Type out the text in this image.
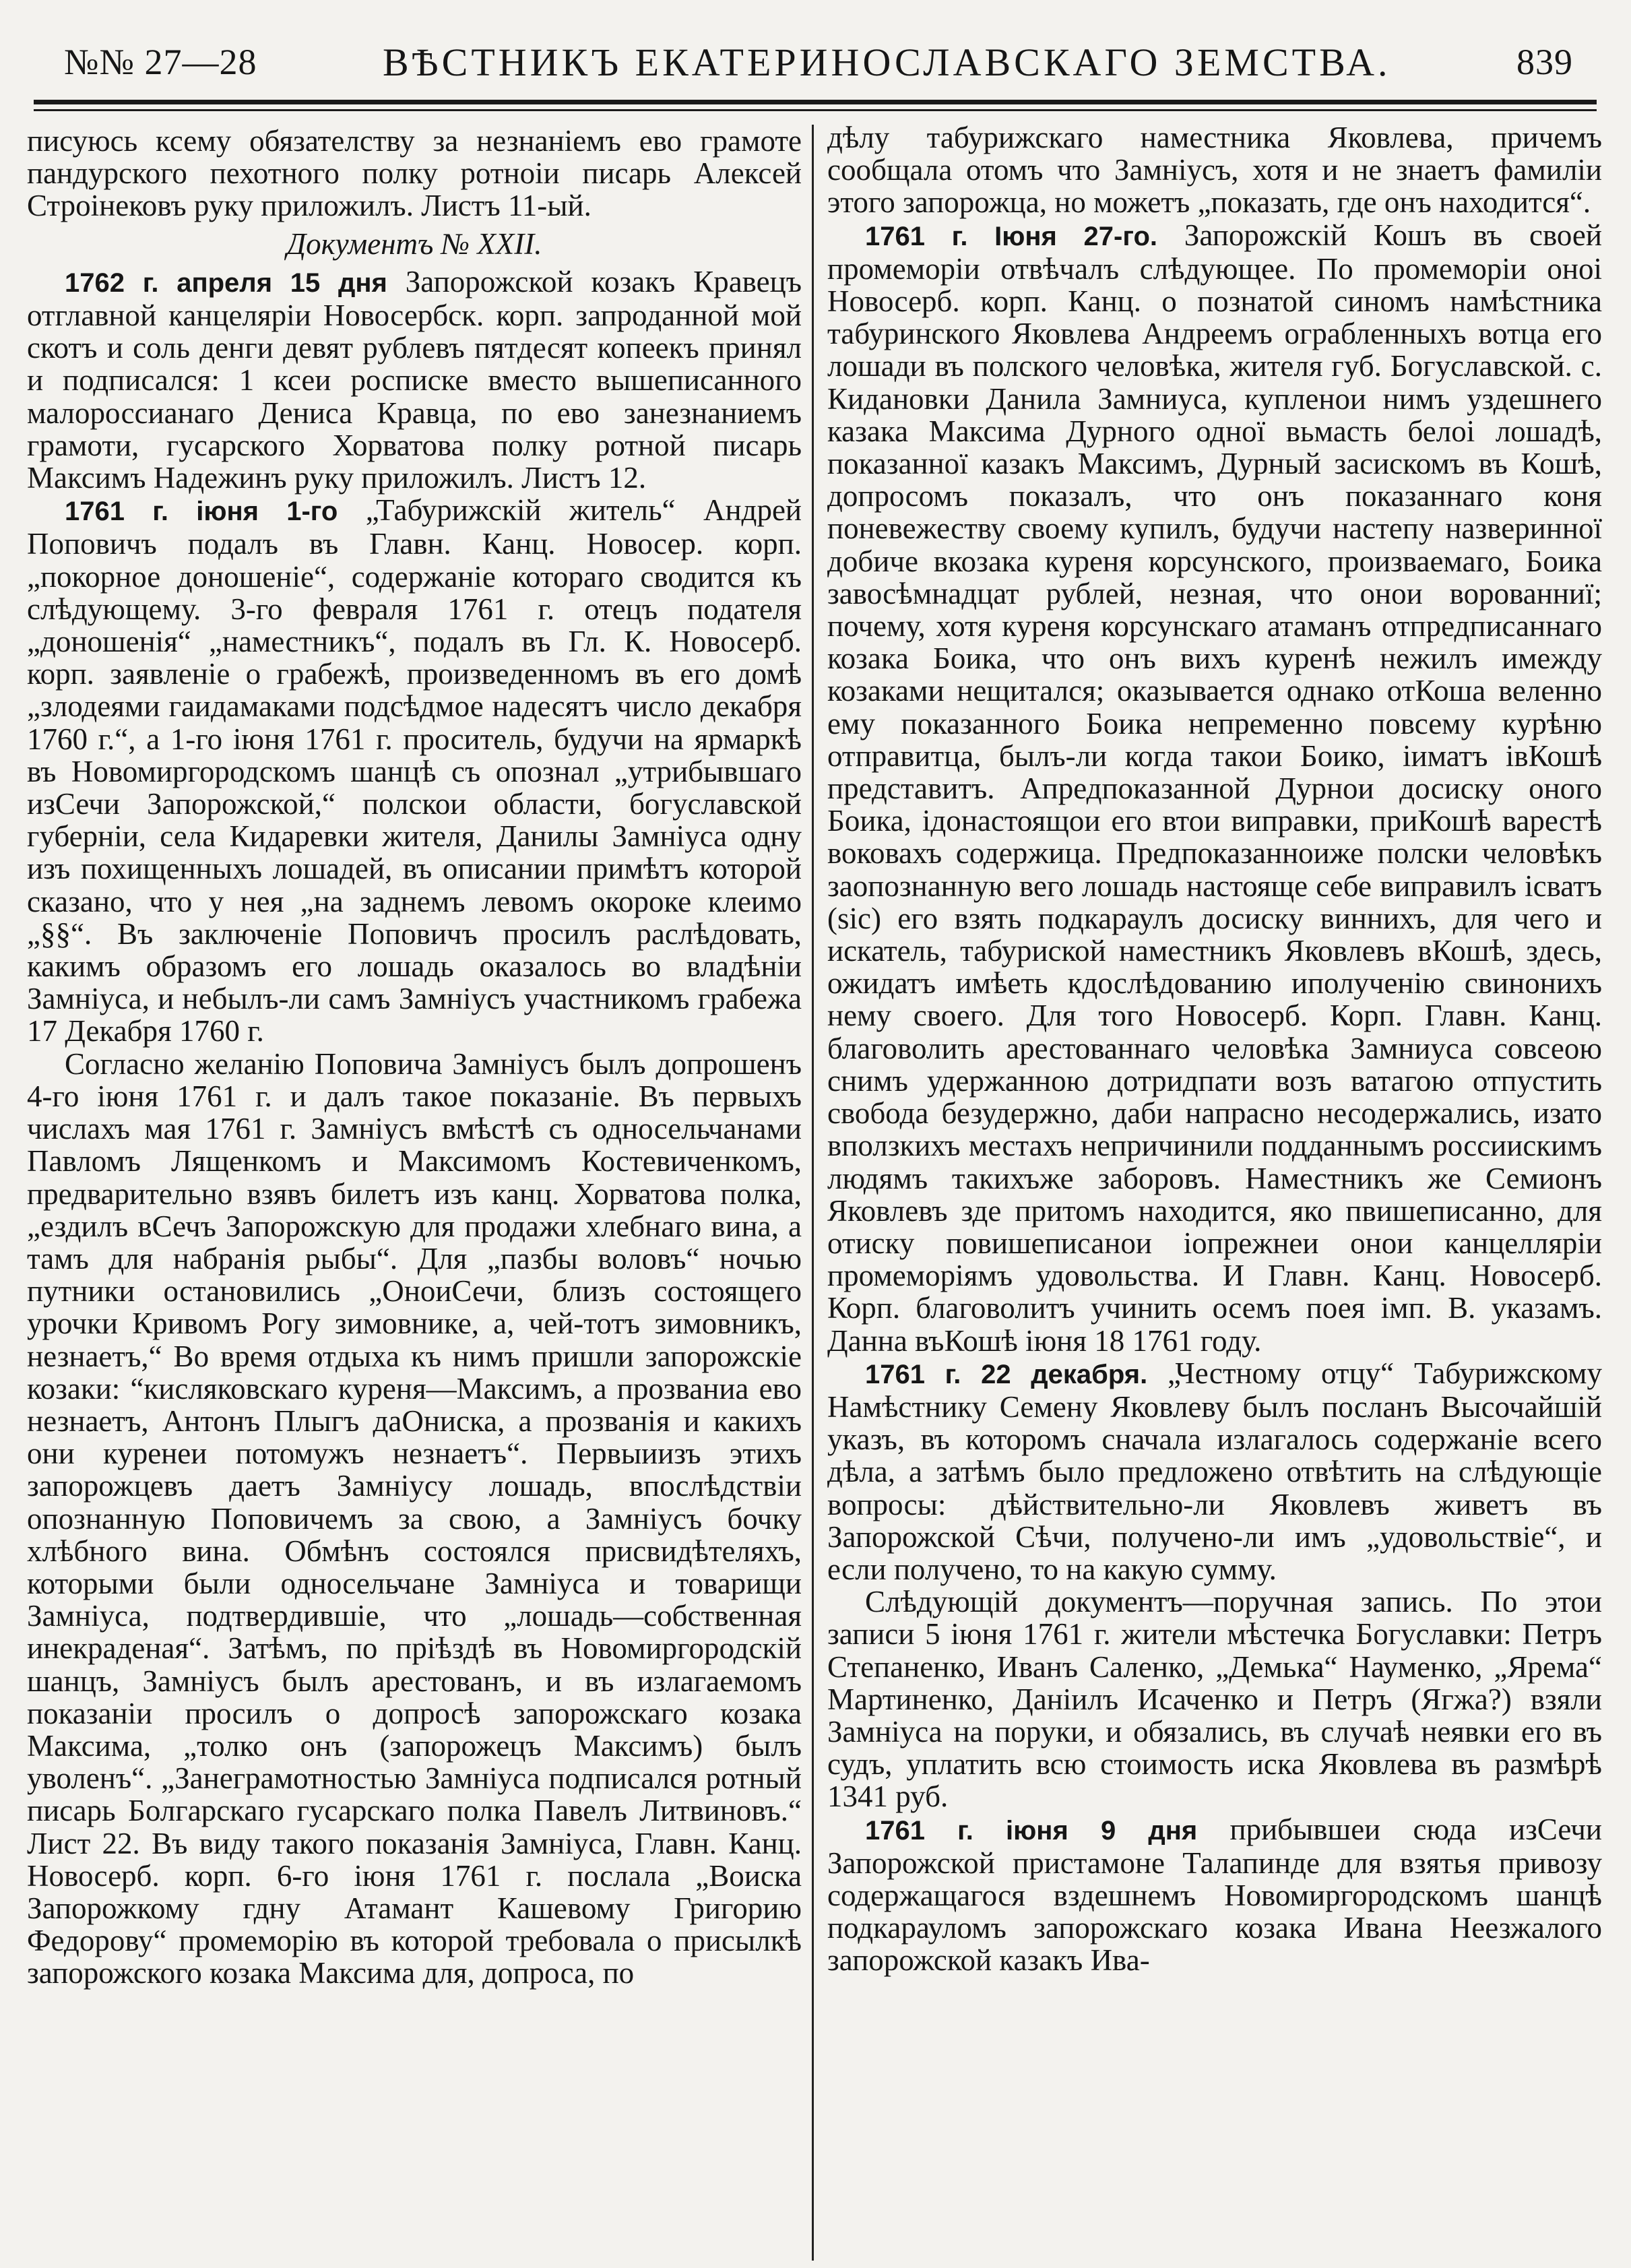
№№ 27—28	ВѢСТНИКЪ ЕКАТЕРИНОСЛАВСКАГО ЗЕМСТВА.	839

писуюсь ксему обязателству за незнаніемъ ево грамоте пандурского пехотного полку ротноіи писарь Алексей Строінековъ руку приложилъ. Листъ 11-ый.

Документъ № XXII.

1762 г. апреля 15 дня Запорожской козакъ Кравецъ отглавной канцеляріи Новосербск. корп. запроданной мой скотъ и соль денги девят рублевъ пятдесят копеекъ принял и подписался: 1 ксеи росписке вместо вышеписанного малороссианаго Дениса Кравца, по ево занезнаниемъ грамоти, гусарского Хорватова полку ротной писарь Максимъ Надежинъ руку приложилъ. Листъ 12.

1761 г. іюня 1-го „Табурижскій житель“ Андрей Поповичъ подалъ въ Главн. Канц. Новосер. корп. „покорное доношеніе“, содержаніе котораго сводится къ слѣдующему. 3-го февраля 1761 г. отецъ подателя „доношенія“ „наместникъ“, подалъ въ Гл. К. Новосерб. корп. заявленіе о грабежѣ, произведенномъ въ его домѣ „злодеями гаидамаками подсѣдмое надесятъ число декабря 1760 г.“, а 1-го іюня 1761 г. проситель, будучи на ярмаркѣ въ Новомиргородскомъ шанцѣ съ опознал „утрибывшаго изСечи Запорожской,“ полскои области, богуславской губерніи, села Кидаревки жителя, Данилы Замніуса одну изъ похищенныхъ лошадей, въ описании примѣтъ которой сказано, что у нея „на заднемъ левомъ окороке клеимо „§§“. Въ заключеніе Поповичъ просилъ раслѣдовать, какимъ образомъ его лошадь оказалось во владѣніи Замніуса, и небылъ-ли самъ Замніусъ участникомъ грабежа 17 Декабря 1760 г.

Согласно желанію Поповича Замніусъ былъ допрошенъ 4-го іюня 1761 г. и далъ такое показаніе. Въ первыхъ числахъ мая 1761 г. Замніусъ вмѣстѣ съ односельчанами Павломъ Лященкомъ и Максимомъ Костевиченкомъ, предварительно взявъ билетъ изъ канц. Хорватова полка, „ездилъ вСечъ Запорожскую для продажи хлебнаго вина, а тамъ для набранія рыбы“. Для „пазбы воловъ“ ночью путники остановились „ОноиСечи, близъ состоящего урочки Кривомъ Рогу зимовнике, а, чей-тотъ зимовникъ, незнаетъ,“ Во время отдыха къ нимъ пришли запорожскіе козаки: “кисляковскаго куреня—Максимъ, а прозваниа ево незнаетъ, Антонъ Плыгъ даОниска, а прозванія и какихъ они куренеи потомужъ незнаетъ“. Первыиизъ этихъ запорожцевъ даетъ Замніусу лошадь, впослѣдствіи опознанную Поповичемъ за свою, а Замніусъ бочку хлѣбного вина. Обмѣнъ состоялся присвидѣтеляхъ, которыми были односельчане Замніуса и товарищи Замніуса, подтвердившіе, что „лошадь—собственная инекраденая“. Затѣмъ, по пріѣздѣ въ Новомиргородскій шанцъ, Замніусъ былъ арестованъ, и въ излагаемомъ показаніи просилъ о допросѣ запорожскаго козака Максима, „толко онъ (запорожецъ Максимъ) былъ уволенъ“. „Занеграмотностью Замніуса подписался ротный писарь Болгарскаго гусарскаго полка Павелъ Литвиновъ.“ Лист 22. Въ виду такого показанія Замніуса, Главн. Канц. Новосерб. корп. 6-го іюня 1761 г. послала „Воиска Запорожкому гдну Атамант Кашевому Григорию Федорову“ промеморію въ которой требовала о присылкѣ запорожского козака Максима для, допроса, по

дѣлу табурижскаго наместника Яковлева, причемъ сообщала отомъ что Замніусъ, хотя и не знаетъ фамиліи этого запорожца, но можетъ „показать, где онъ находится“.

1761 г. Іюня 27-го. Запорожскій Кошъ въ своей промеморіи отвѣчалъ слѣдующее. По промеморіи оноі Новосерб. корп. Канц. о познатой синомъ намѣстника табуринского Яковлева Андреемъ ограбленныхъ вотца его лошади въ полского человѣка, жителя губ. Богуславской. с. Кидановки Данила Замниуса, купленои нимъ уздешнего казака Максима Дурного одної вьмасть белоі лошадѣ, показанної казакъ Максимъ, Дурный засискомъ въ Кошѣ, допросомъ показалъ, что онъ показаннаго коня поневежеству своему купилъ, будучи настепу назверинної добиче вкозака куреня корсунского, произваемаго, Боика завосѣмнадцат рублей, незная, что онои ворованниї; почему, хотя куреня корсунскаго атаманъ отпредписаннаго козака Боика, что онъ вихъ куренѣ нежилъ имежду козаками нещитался; оказывается однако отКоша веленно ему показанного Боика непременно повсему курѣню отправитца, былъ-ли когда такои Боико, іиматъ івКошѣ представитъ. Апредпоказанной Дурнои досиску оного Боика, ідонастоящои его втои виправки, приКошѣ варестѣ воковахъ содержица. Предпоказанноиже полски человѣкъ заопознанную вего лошадь настояще себе виправилъ ісватъ (sic) его взять подкараулъ досиску виннихъ, для чего и искатель, табуриской наместникъ Яковлевъ вКошѣ, здесь, ожидатъ имѣеть кдослѣдованию иполученію свинонихъ нему своего. Для того Новосерб. Корп. Главн. Канц. благоволить арестованнаго человѣка Замниуса совсеою снимъ удержанною дотридпати возъ ватагою отпустить свобода безудержно, даби напрасно несодержались, изато вползкихъ местахъ непричинили подданнымъ россиискимъ людямъ такихъже заборовъ. Наместникъ же Семионъ Яковлевъ зде притомъ находится, яко пвишеписанно, для отиску повишеписанои іопрежнеи онои канцелляріи промеморіямъ удовольства. И Главн. Канц. Новосерб. Корп. благоволитъ учинить осемъ поея імп. В. указамъ. Данна въКошѣ іюня 18 1761 году.

1761 г. 22 декабря. „Честному отцу“ Табурижскому Намѣстнику Семену Яковлеву былъ посланъ Высочайшій указъ, въ которомъ сначала излагалось содержаніе всего дѣла, а затѣмъ было предложено отвѣтить на слѣдующіе вопросы: дѣйствительно-ли Яковлевъ живетъ въ Запорожской Сѣчи, получено-ли имъ „удовольствіе“, и если получено, то на какую сумму.

Слѣдующій документъ—поручная запись. По этои записи 5 іюня 1761 г. жители мѣстечка Богуславки: Петръ Степаненко, Иванъ Саленко, „Демька“ Науменко, „Ярема“ Мартиненко, Даніилъ Исаченко и Петръ (Ягжа?) взяли Замніуса на поруки, и обязались, въ случаѣ неявки его въ судъ, уплатить всю стоимость иска Яковлева въ размѣрѣ 1341 руб.

1761 г. іюня 9 дня прибывшеи сюда изСечи Запорожской пристамоне Талапинде для взятья привозу содержащагося вздешнемъ Новомиргородскомъ шанцѣ подкарауломъ запорожскаго козака Ивана Неезжалого запорожской казакъ Ива-
